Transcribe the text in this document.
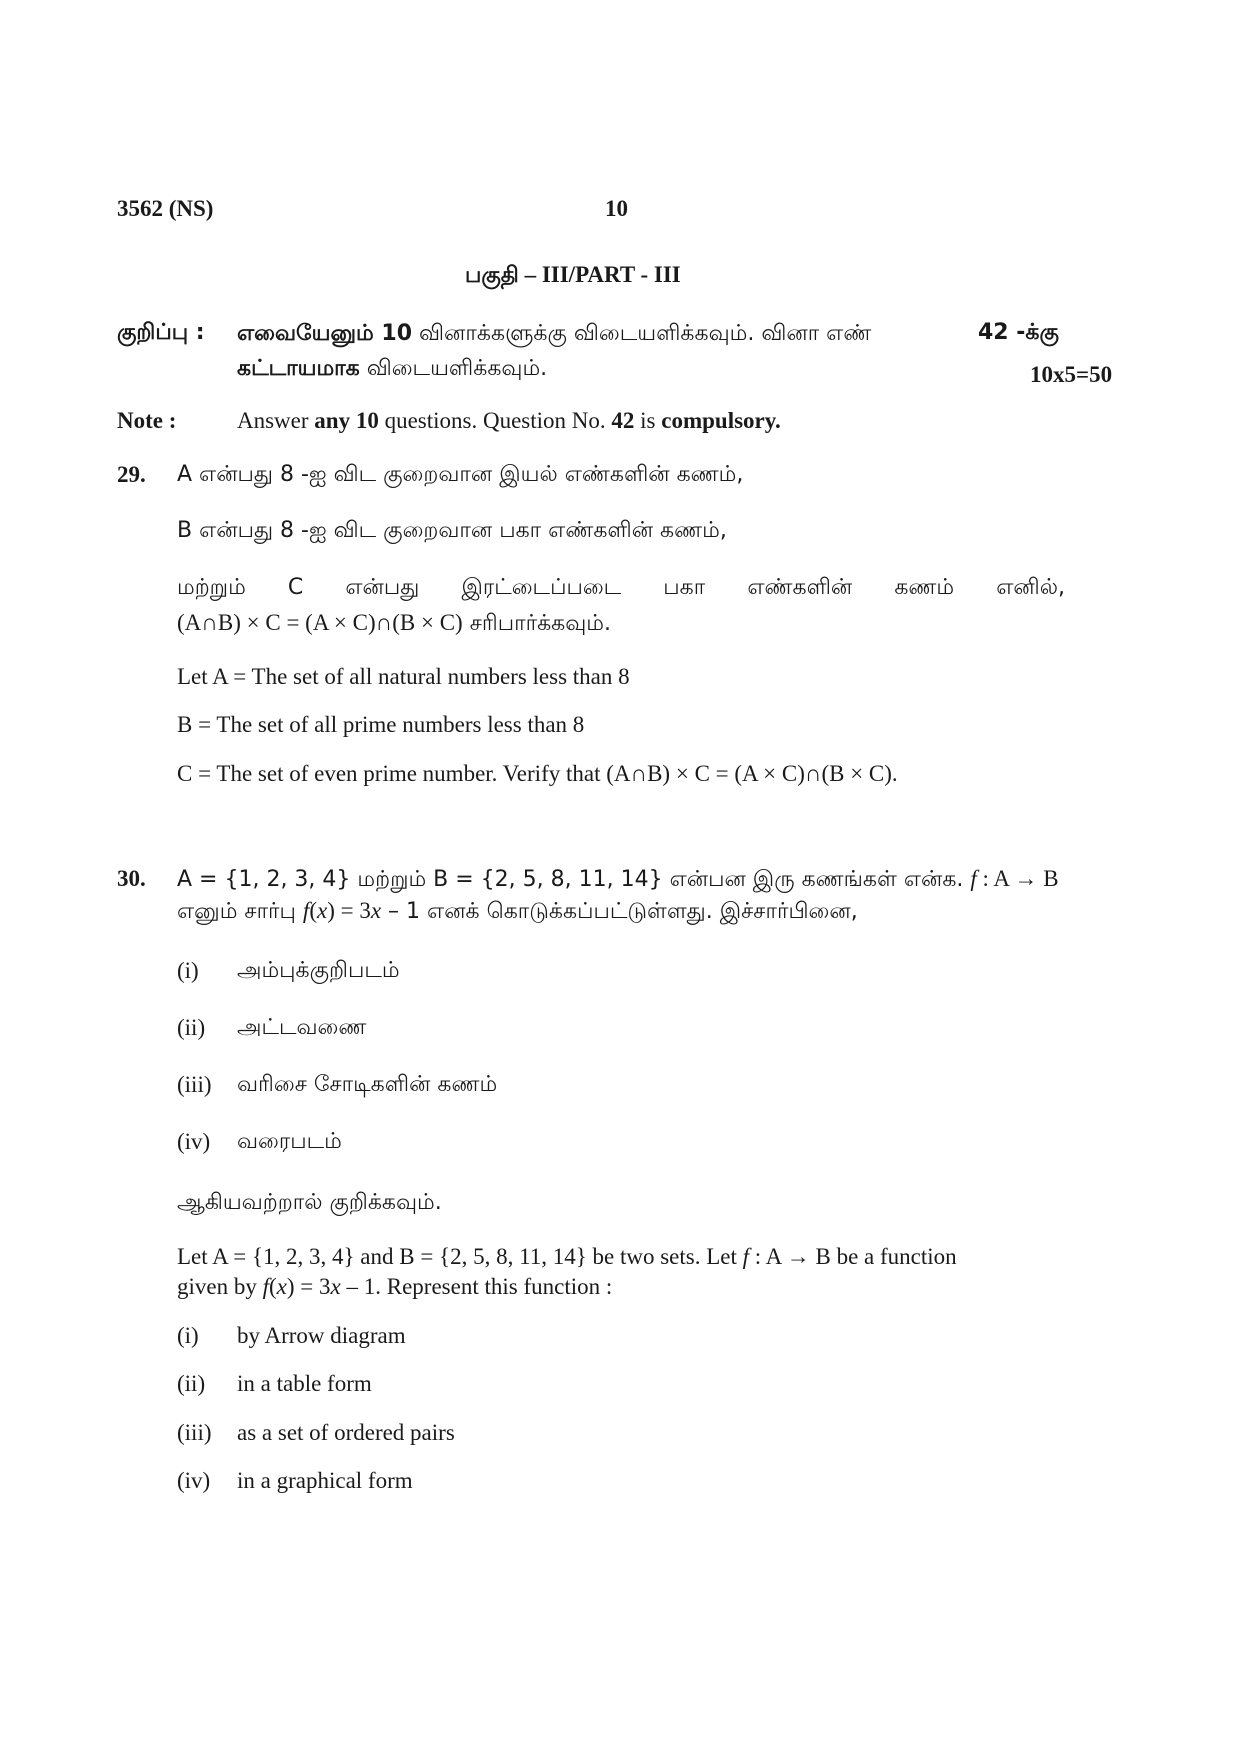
3562 (NS)	10
பகுதி – III/PART - III
குறிப்பு : எவையேனும் 10 வினாக்களுக்கு விடையளிக்கவும். வினா எண்	42 -க்கு
கட்டாயமாக விடையளிக்கவும்.	10x5=50
Note :	Answer any 10 questions. Question No. 42 is compulsory.
29. A என்பது 8 -ஐ விட குறைவான இயல் எண்களின் கணம்,
B என்பது 8 -ஐ விட குறைவான பகா எண்களின் கணம்,
மற்றும் C என்பது இரட்டைப்படை பகா எண்களின் கணம் எனில்,
(A∩B) × C = (A × C)∩(B × C) சரிபார்க்கவும்.
Let A = The set of all natural numbers less than 8
B = The set of all prime numbers less than 8
C = The set of even prime number. Verify that (A∩B) × C = (A × C)∩(B × C).
30. A = {1, 2, 3, 4} மற்றும் B = {2, 5, 8, 11, 14} என்பன இரு கணங்கள் என்க. f : A → B
எனும் சார்பு f(x) = 3x – 1 எனக் கொடுக்கப்பட்டுள்ளது. இச்சார்பினை,
(i) அம்புக்குறிபடம்
(ii) அட்டவணை
(iii) வரிசை சோடிகளின் கணம்
(iv) வரைபடம்
ஆகியவற்றால் குறிக்கவும்.
Let A = {1, 2, 3, 4} and B = {2, 5, 8, 11, 14} be two sets. Let f : A → B be a function
given by f(x) = 3x – 1. Represent this function :
(i) by Arrow diagram
(ii) in a table form
(iii) as a set of ordered pairs
(iv) in a graphical form
